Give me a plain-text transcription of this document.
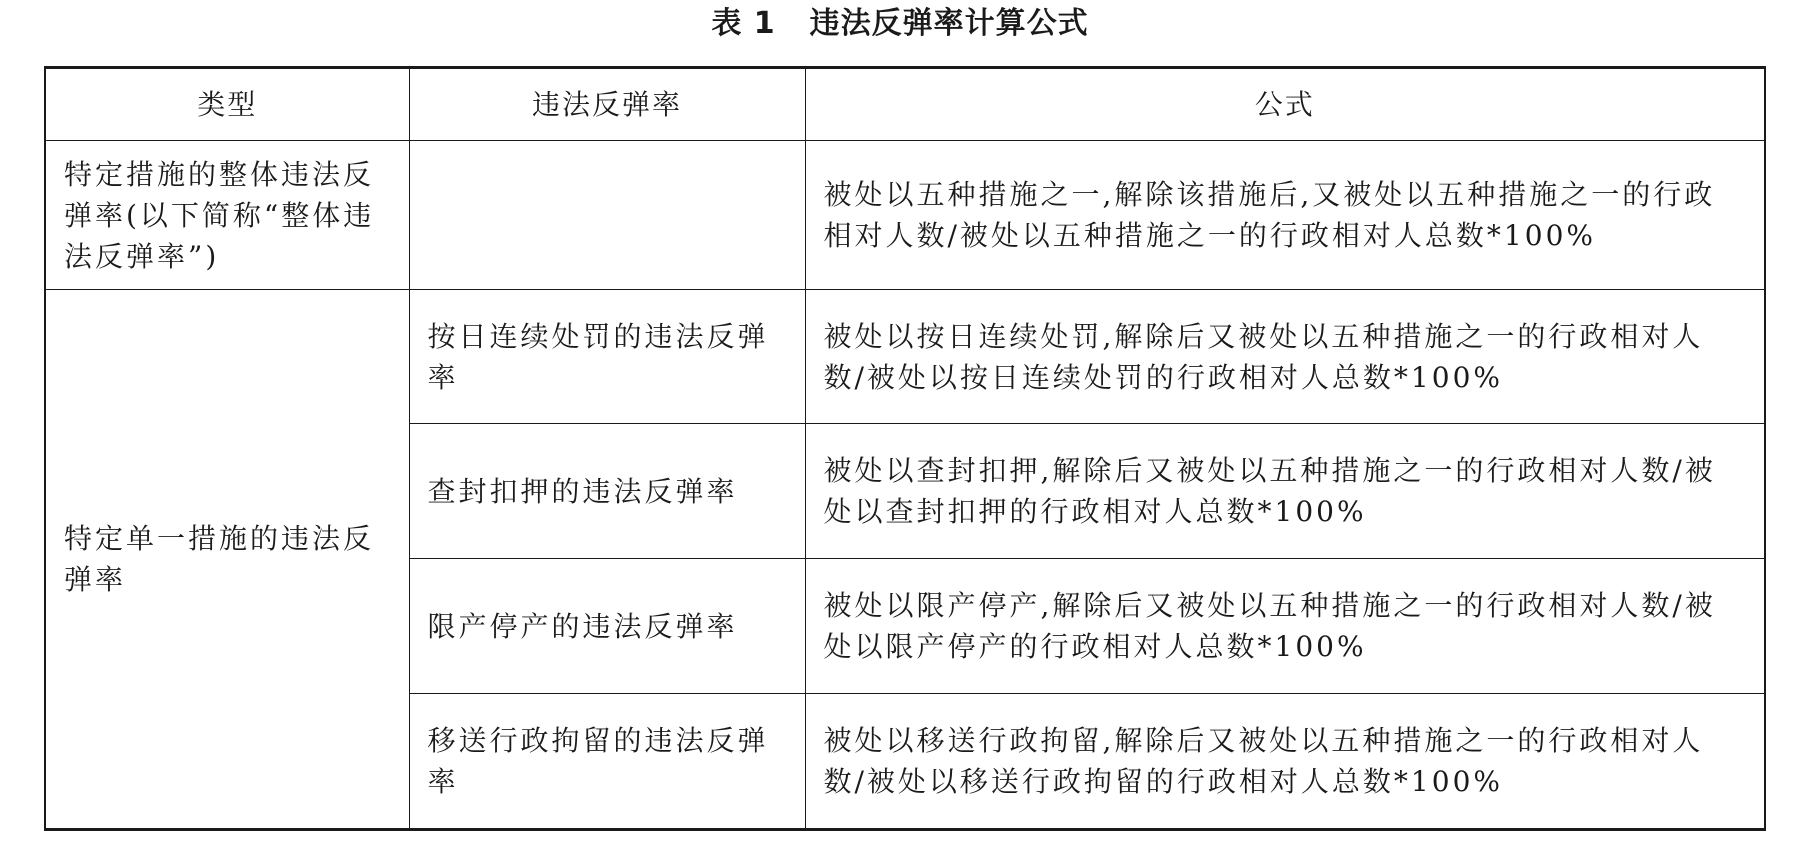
表 1 违法反弹率计算公式
类型	违法反弹率	公式
特定措施的整体违法反弹率(以下简称“整体违法反弹率”)		被处以五种措施之一,解除该措施后,又被处以五种措施之一的行政相对人数/被处以五种措施之一的行政相对人总数*100%
特定单一措施的违法反弹率	按日连续处罚的违法反弹率	被处以按日连续处罚,解除后又被处以五种措施之一的行政相对人数/被处以按日连续处罚的行政相对人总数*100%
	查封扣押的违法反弹率	被处以查封扣押,解除后又被处以五种措施之一的行政相对人数/被处以查封扣押的行政相对人总数*100%
	限产停产的违法反弹率	被处以限产停产,解除后又被处以五种措施之一的行政相对人数/被处以限产停产的行政相对人总数*100%
	移送行政拘留的违法反弹率	被处以移送行政拘留,解除后又被处以五种措施之一的行政相对人数/被处以移送行政拘留的行政相对人总数*100%
